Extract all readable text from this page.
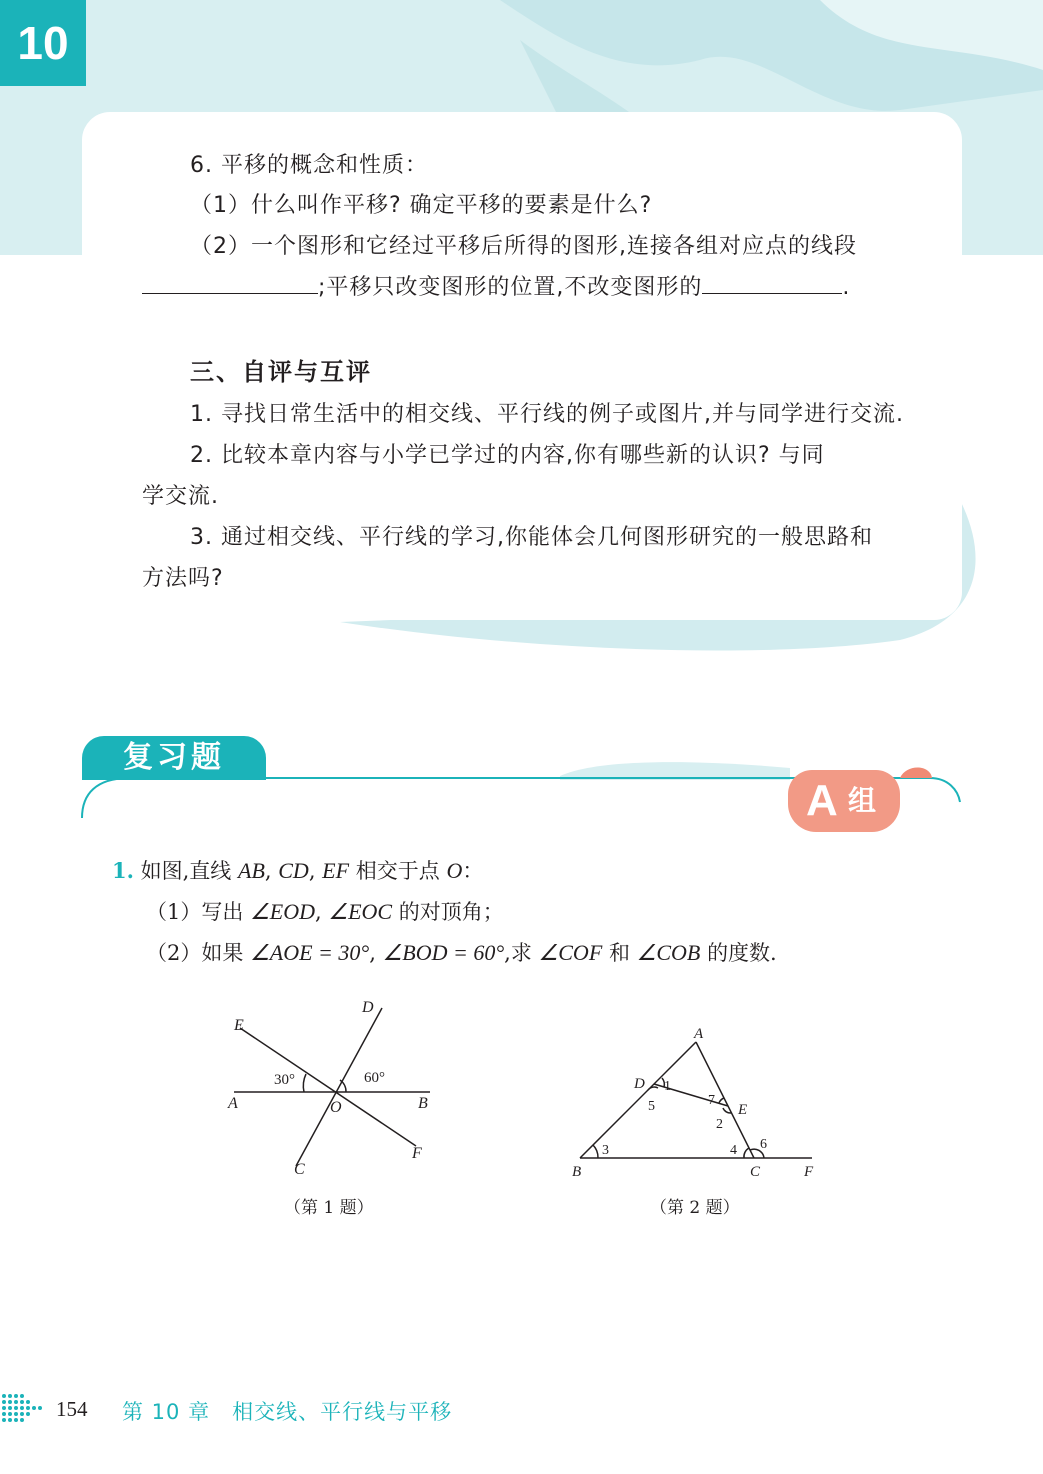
10
6. 平移的概念和性质：
（1）什么叫作平移? 确定平移的要素是什么?
（2）一个图形和它经过平移后所得的图形,连接各组对应点的线段
;平移只改变图形的位置,不改变图形的	.
三、自评与互评
1. 寻找日常生活中的相交线、平行线的例子或图片,并与同学进行交流.
2. 比较本章内容与小学已学过的内容,你有哪些新的认识? 与同
学交流.
3. 通过相交线、平行线的学习,你能体会几何图形研究的一般思路和
方法吗?
复习题
A 组
1. 如图,直线 AB, CD, EF 相交于点 O：
（1）写出 ∠EOD, ∠EOC 的对顶角；
（2）如果 ∠AOE = 30°, ∠BOD = 60°,求 ∠COF 和 ∠COB 的度数.
A	B
C
D
E
F
O
30°	60°
（第 1 题）
A
B	C
D
E
F
1
5	7
2
3	4 6
（第 2 题）
154 第 10 章　相交线、平行线与平移
